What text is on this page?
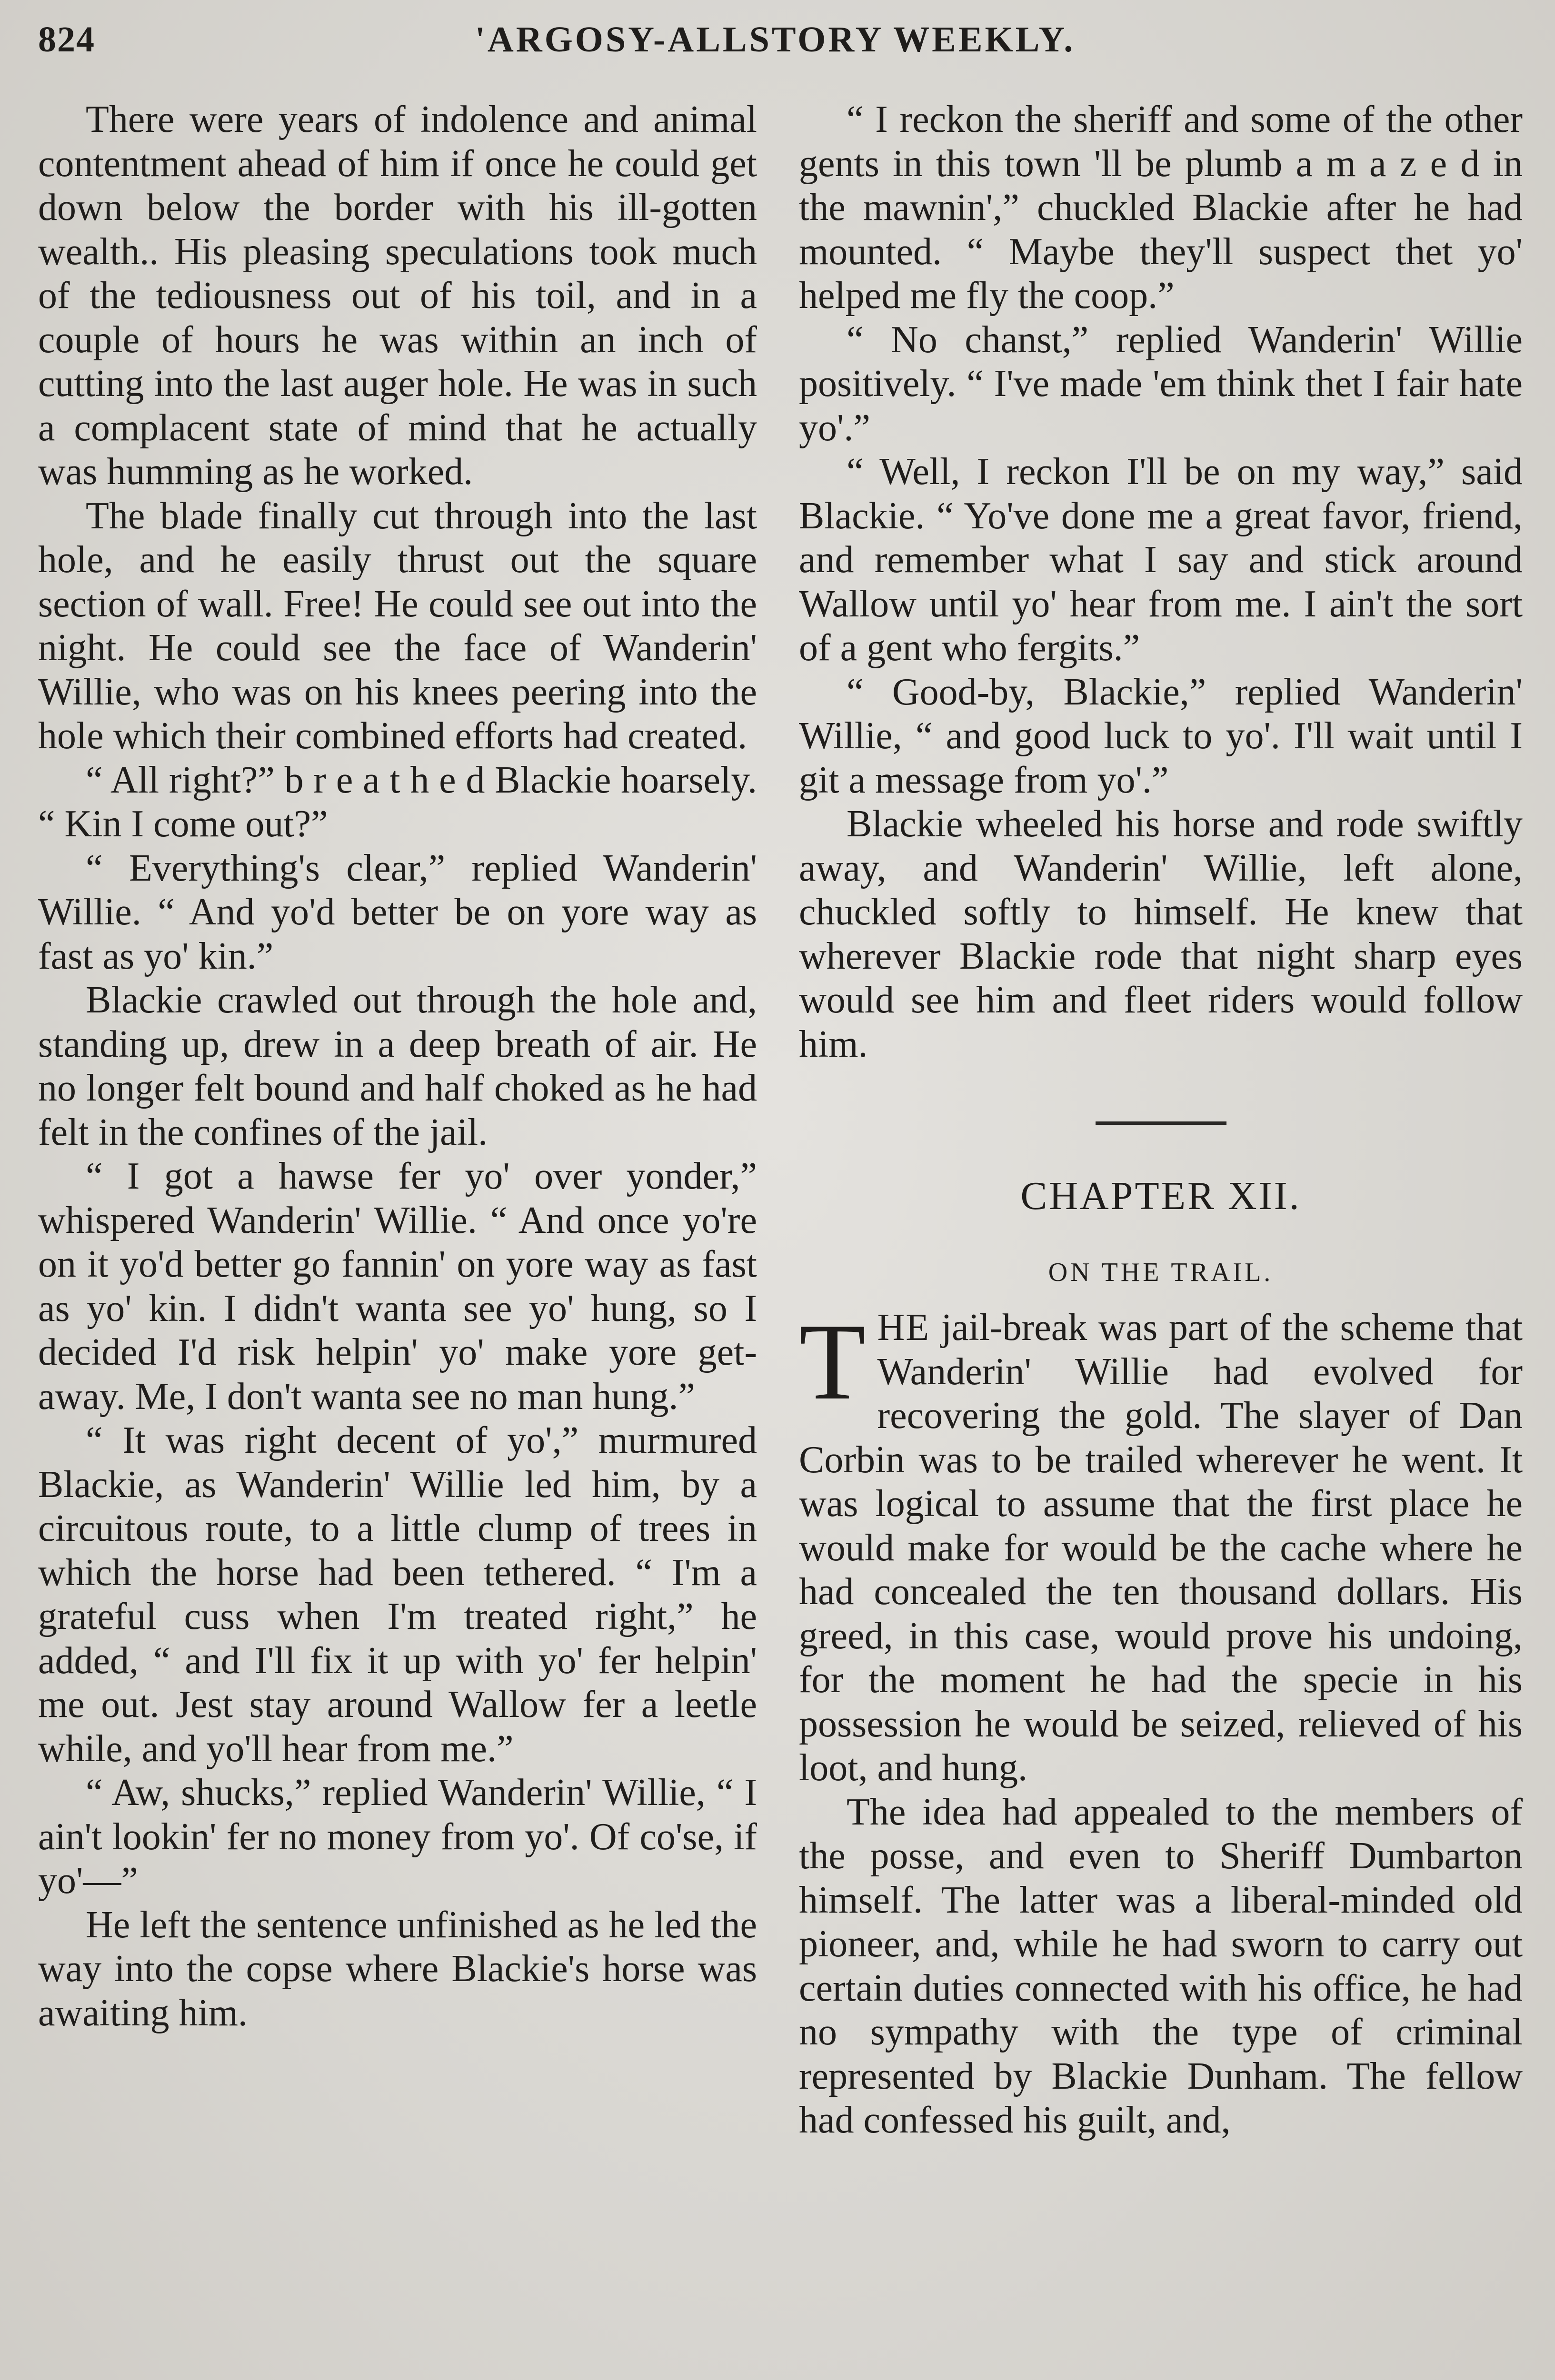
824	'ARGOSY-ALLSTORY WEEKLY.

There were years of indolence and animal contentment ahead of him if once he could get down below the border with his ill-gotten wealth.. His pleasing speculations took much of the tediousness out of his toil, and in a couple of hours he was within an inch of cutting into the last auger hole. He was in such a complacent state of mind that he actually was humming as he worked.

The blade finally cut through into the last hole, and he easily thrust out the square section of wall. Free! He could see out into the night. He could see the face of Wanderin' Willie, who was on his knees peering into the hole which their combined efforts had created.

“ All right?” b r e a t h e d Blackie hoarsely. “ Kin I come out?”

“ Everything's clear,” replied Wanderin' Willie. “ And yo'd better be on yore way as fast as yo' kin.”

Blackie crawled out through the hole and, standing up, drew in a deep breath of air. He no longer felt bound and half choked as he had felt in the confines of the jail.

“ I got a hawse fer yo' over yonder,” whispered Wanderin' Willie. “ And once yo're on it yo'd better go fannin' on yore way as fast as yo' kin. I didn't wanta see yo' hung, so I decided I'd risk helpin' yo' make yore get-away. Me, I don't wanta see no man hung.”

“ It was right decent of yo',” murmured Blackie, as Wanderin' Willie led him, by a circuitous route, to a little clump of trees in which the horse had been tethered. “ I'm a grateful cuss when I'm treated right,” he added, “ and I'll fix it up with yo' fer helpin' me out. Jest stay around Wallow fer a leetle while, and yo'll hear from me.”

“ Aw, shucks,” replied Wanderin' Willie, “ I ain't lookin' fer no money from yo'. Of co'se, if yo'—”

He left the sentence unfinished as he led the way into the copse where Blackie's horse was awaiting him.

“ I reckon the sheriff and some of the other gents in this town 'll be plumb a m a z e d in the mawnin',” chuckled Blackie after he had mounted. “ Maybe they'll suspect thet yo' helped me fly the coop.”

“ No chanst,” replied Wanderin' Willie positively. “ I've made 'em think thet I fair hate yo'.”

“ Well, I reckon I'll be on my way,” said Blackie. “ Yo've done me a great favor, friend, and remember what I say and stick around Wallow until yo' hear from me. I ain't the sort of a gent who fergits.”

“ Good-by, Blackie,” replied Wanderin' Willie, “ and good luck to yo'. I'll wait until I git a message from yo'.”

Blackie wheeled his horse and rode swiftly away, and Wanderin' Willie, left alone, chuckled softly to himself. He knew that wherever Blackie rode that night sharp eyes would see him and fleet riders would follow him.

CHAPTER XII.
ON THE TRAIL.

THE jail-break was part of the scheme that Wanderin' Willie had evolved for recovering the gold. The slayer of Dan Corbin was to be trailed wherever he went. It was logical to assume that the first place he would make for would be the cache where he had concealed the ten thousand dollars. His greed, in this case, would prove his undoing, for the moment he had the specie in his possession he would be seized, relieved of his loot, and hung.

The idea had appealed to the members of the posse, and even to Sheriff Dumbarton himself. The latter was a liberal-minded old pioneer, and, while he had sworn to carry out certain duties connected with his office, he had no sympathy with the type of criminal represented by Blackie Dunham. The fellow had confessed his guilt, and,
